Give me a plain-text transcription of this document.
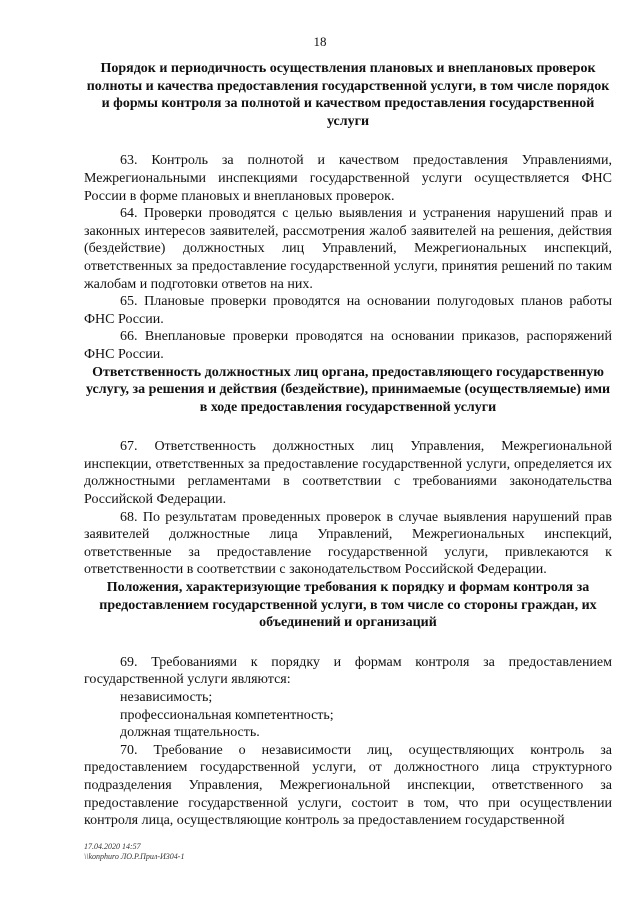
18
Порядок и периодичность осуществления плановых и внеплановых проверок полноты и качества предоставления государственной услуги, в том числе порядок и формы контроля за полнотой и качеством предоставления государственной услуги

63. Контроль за полнотой и качеством предоставления Управлениями, Межрегиональными инспекциями государственной услуги осуществляется ФНС России в форме плановых и внеплановых проверок.

64. Проверки проводятся с целью выявления и устранения нарушений прав и законных интересов заявителей, рассмотрения жалоб заявителей на решения, действия (бездействие) должностных лиц Управлений, Межрегиональных инспекций, ответственных за предоставление государственной услуги, принятия решений по таким жалобам и подготовки ответов на них.

65. Плановые проверки проводятся на основании полугодовых планов работы ФНС России.

66. Внеплановые проверки проводятся на основании приказов, распоряжений ФНС России.

Ответственность должностных лиц органа, предоставляющего государственную услугу, за решения и действия (бездействие), принимаемые (осуществляемые) ими в ходе предоставления государственной услуги

67. Ответственность должностных лиц Управления, Межрегиональной инспекции, ответственных за предоставление государственной услуги, определяется их должностными регламентами в соответствии с требованиями законодательства Российской Федерации.

68. По результатам проведенных проверок в случае выявления нарушений прав заявителей должностные лица Управлений, Межрегиональных инспекций, ответственные за предоставление государственной услуги, привлекаются к ответственности в соответствии с законодательством Российской Федерации.

Положения, характеризующие требования к порядку и формам контроля за предоставлением государственной услуги, в том числе со стороны граждан, их объединений и организаций

69. Требованиями к порядку и формам контроля за предоставлением государственной услуги являются:

независимость;

профессиональная компетентность;

должная тщательность.

70. Требование о независимости лиц, осуществляющих контроль за предоставлением государственной услуги, от должностного лица структурного подразделения Управления, Межрегиональной инспекции, ответственного за предоставление государственной услуги, состоит в том, что при осуществлении контроля лица, осуществляющие контроль за предоставлением государственной

17.04.2020 14:57
\\konphuro ЛО.Р.Прил-И304-1
